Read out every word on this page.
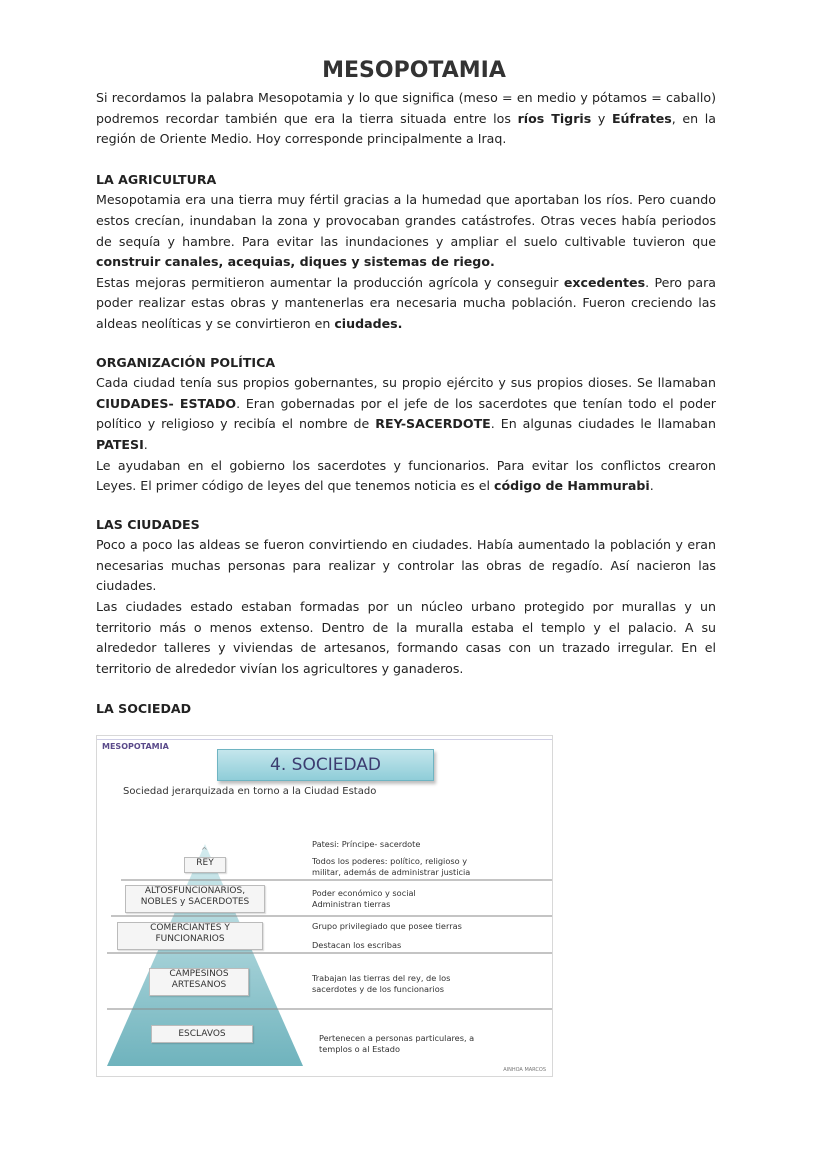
MESOPOTAMIA

Si recordamos la palabra Mesopotamia y lo que significa (meso = en medio y pótamos = caballo) podremos recordar también que era la tierra situada entre los ríos Tigris y Eúfrates, en la región de Oriente Medio. Hoy corresponde principalmente a Iraq.

LA AGRICULTURA

Mesopotamia era una tierra muy fértil gracias a la humedad que aportaban los ríos. Pero cuando estos crecían, inundaban la zona y provocaban grandes catástrofes. Otras veces había periodos de sequía y hambre. Para evitar las inundaciones y ampliar el suelo cultivable tuvieron que construir canales, acequias, diques y sistemas de riego.

Estas mejoras permitieron aumentar la producción agrícola y conseguir excedentes. Pero para poder realizar estas obras y mantenerlas era necesaria mucha población. Fueron creciendo las aldeas neolíticas y se convirtieron en ciudades.

ORGANIZACIÓN POLÍTICA

Cada ciudad tenía sus propios gobernantes, su propio ejército y sus propios dioses. Se llamaban CIUDADES- ESTADO. Eran gobernadas por el jefe de los sacerdotes que tenían todo el poder político y religioso y recibía el nombre de REY-SACERDOTE. En algunas ciudades le llamaban PATESI.

Le ayudaban en el gobierno los sacerdotes y funcionarios. Para evitar los conflictos crearon Leyes. El primer código de leyes del que tenemos noticia es el código de Hammurabi.

LAS CIUDADES

Poco a poco las aldeas se fueron convirtiendo en ciudades. Había aumentado la población y eran necesarias muchas personas para realizar y controlar las obras de regadío. Así nacieron las ciudades.

Las ciudades estado estaban formadas por un núcleo urbano protegido por murallas y un territorio más o menos extenso. Dentro de la muralla estaba el templo y el palacio. A su alrededor talleres y viviendas de artesanos, formando casas con un trazado irregular. En el territorio de alrededor vivían los agricultores y ganaderos.

LA SOCIEDAD
MESOPOTAMIA
4. SOCIEDAD
Sociedad jerarquizada en torno a la Ciudad Estado
^
REY
ALTOSFUNCIONARIOS,
NOBLES y SACERDOTES
COMERCIANTES Y
FUNCIONARIOS
CAMPESINOS
ARTESANOS
ESCLAVOS
Patesi: Príncipe- sacerdote
Todos los poderes: político, religioso y
militar, además de administrar justicia
Poder económico y social
Administran tierras
Grupo privilegiado que posee tierras
Destacan los escribas
Trabajan las tierras del rey, de los
sacerdotes y de los funcionarios
Pertenecen a personas particulares, a
templos o al Estado
AINHOA MARCOS
